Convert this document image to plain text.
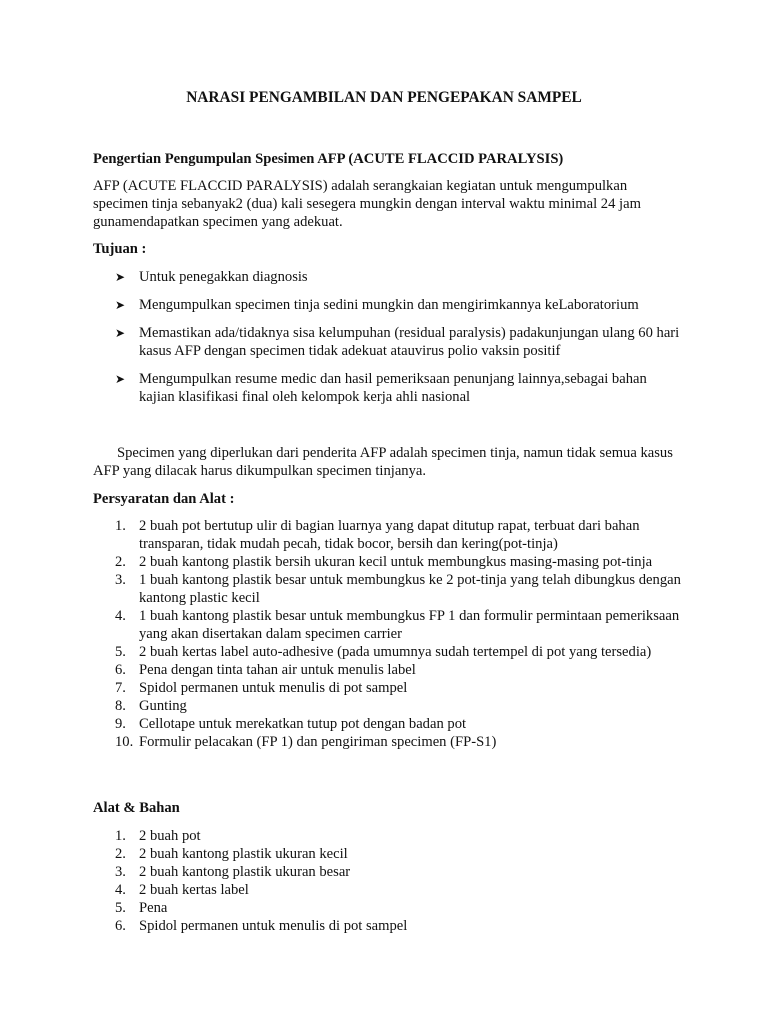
NARASI PENGAMBILAN DAN PENGEPAKAN SAMPEL
Pengertian Pengumpulan Spesimen AFP (ACUTE FLACCID PARALYSIS)
AFP (ACUTE FLACCID PARALYSIS) adalah serangkaian kegiatan untuk mengumpulkan specimen tinja sebanyak2 (dua) kali sesegera mungkin dengan interval waktu minimal 24 jam gunamendapatkan specimen yang adekuat.
Tujuan :
➤ Untuk penegakkan diagnosis
➤ Mengumpulkan specimen tinja sedini mungkin dan mengirimkannya keLaboratorium
➤ Memastikan ada/tidaknya sisa kelumpuhan (residual paralysis) padakunjungan ulang 60 hari kasus AFP dengan specimen tidak adekuat atauvirus polio vaksin positif
➤ Mengumpulkan resume medic dan hasil pemeriksaan penunjang lainnya,sebagai bahan kajian klasifikasi final oleh kelompok kerja ahli nasional
Specimen yang diperlukan dari penderita AFP adalah specimen tinja, namun tidak semua kasus AFP yang dilacak harus dikumpulkan specimen tinjanya.
Persyaratan dan Alat :
1. 2 buah pot bertutup ulir di bagian luarnya yang dapat ditutup rapat, terbuat dari bahan transparan, tidak mudah pecah, tidak bocor, bersih dan kering(pot-tinja)
2. 2 buah kantong plastik bersih ukuran kecil untuk membungkus masing-masing pot-tinja
3. 1 buah kantong plastik besar untuk membungkus ke 2 pot-tinja yang telah dibungkus dengan kantong plastic kecil
4. 1 buah kantong plastik besar untuk membungkus FP 1 dan formulir permintaan pemeriksaan yang akan disertakan dalam specimen carrier
5. 2 buah kertas label auto-adhesive (pada umumnya sudah tertempel di pot yang tersedia)
6. Pena dengan tinta tahan air untuk menulis label
7. Spidol permanen untuk menulis di pot sampel
8. Gunting
9. Cellotape untuk merekatkan tutup pot dengan badan pot
10. Formulir pelacakan (FP 1) dan pengiriman specimen (FP-S1)
Alat & Bahan
1. 2 buah pot
2. 2 buah kantong plastik ukuran kecil
3. 2 buah kantong plastik ukuran besar
4. 2 buah kertas label
5. Pena
6. Spidol permanen untuk menulis di pot sampel
